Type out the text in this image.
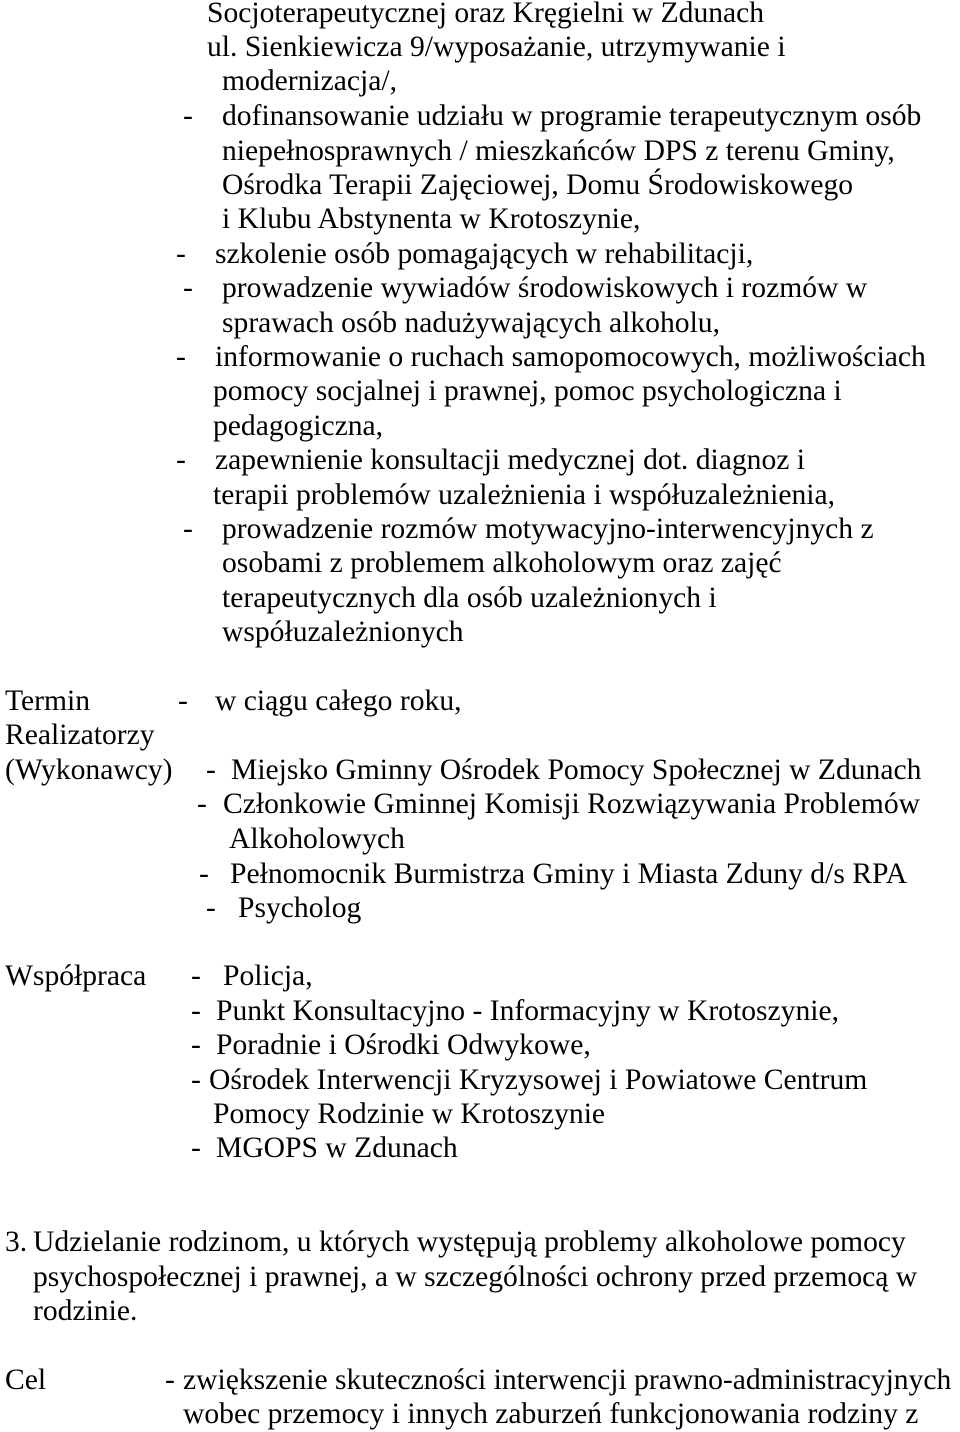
Socjoterapeutycznej oraz Kręgielni w Zdunach
ul. Sienkiewicza 9/wyposażanie, utrzymywanie i
modernizacja/,
- dofinansowanie udziału w programie terapeutycznym osób
niepełnosprawnych / mieszkańców DPS z terenu Gminy,
Ośrodka Terapii Zajęciowej, Domu Środowiskowego
i Klubu Abstynenta w Krotoszynie,
- szkolenie osób pomagających w rehabilitacji,
- prowadzenie wywiadów środowiskowych i rozmów w
sprawach osób nadużywających alkoholu,
- informowanie o ruchach samopomocowych, możliwościach
pomocy socjalnej i prawnej, pomoc psychologiczna i
pedagogiczna,
- zapewnienie konsultacji medycznej dot. diagnoz i
terapii problemów uzależnienia i współuzależnienia,
- prowadzenie rozmów motywacyjno-interwencyjnych z
osobami z problemem alkoholowym oraz zajęć
terapeutycznych dla osób uzależnionych i
współuzależnionych
Termin	- w ciągu całego roku,
Realizatorzy
(Wykonawcy) - Miejsko Gminny Ośrodek Pomocy Społecznej w Zdunach
- Członkowie Gminnej Komisji Rozwiązywania Problemów
Alkoholowych
- Pełnomocnik Burmistrza Gminy i Miasta Zduny d/s RPA
- Psycholog
Współpraca - Policja,
- Punkt Konsultacyjno - Informacyjny w Krotoszynie,
- Poradnie i Ośrodki Odwykowe,
- Ośrodek Interwencji Kryzysowej i Powiatowe Centrum
Pomocy Rodzinie w Krotoszynie
- MGOPS w Zdunach
3. Udzielanie rodzinom, u których występują problemy alkoholowe pomocy
psychospołecznej i prawnej, a w szczególności ochrony przed przemocą w
rodzinie.
Cel	- zwiększenie skuteczności interwencji prawno-administracyjnych
wobec przemocy i innych zaburzeń funkcjonowania rodziny z
